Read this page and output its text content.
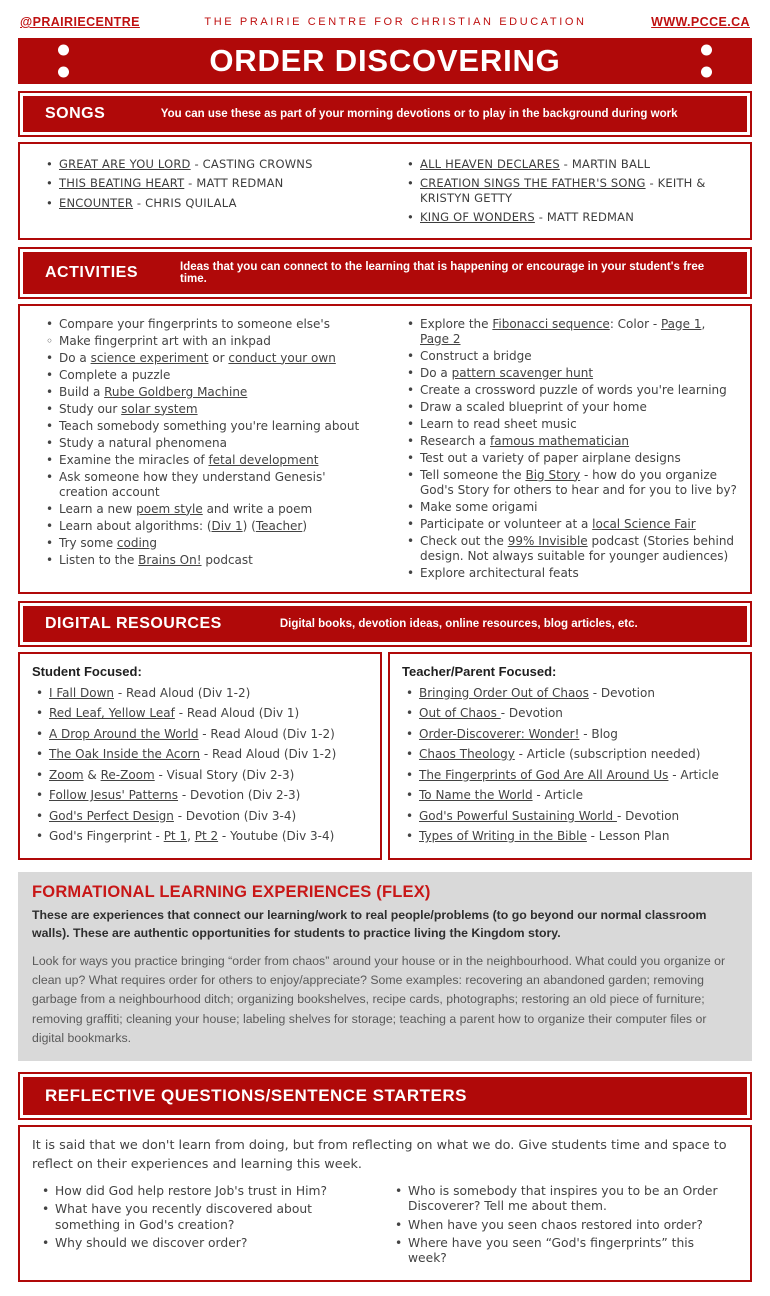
@PRAIRIECENTRE	THE PRAIRIE CENTRE FOR CHRISTIAN EDUCATION	WWW.PCCE.CA
ORDER DISCOVERING
SONGS	You can use these as part of your morning devotions or to play in the background during work
• GREAT ARE YOU LORD - CASTING CROWNS
• THIS BEATING HEART - MATT REDMAN
• ENCOUNTER - CHRIS QUILALA
• ALL HEAVEN DECLARES - MARTIN BALL
• CREATION SINGS THE FATHER'S SONG - KEITH & KRISTYN GETTY
• KING OF WONDERS - MATT REDMAN
ACTIVITIES	Ideas that you can connect to the learning that is happening or encourage in your student's free time.
• Compare your fingerprints to someone else's
◦ Make fingerprint art with an inkpad
• Do a science experiment or conduct your own
• Complete a puzzle
• Build a Rube Goldberg Machine
• Study our solar system
• Teach somebody something you're learning about
• Study a natural phenomena
• Examine the miracles of fetal development
• Ask someone how they understand Genesis' creation account
• Learn a new poem style and write a poem
• Learn about algorithms: (Div 1) (Teacher)
• Try some coding
• Listen to the Brains On! podcast
• Explore the Fibonacci sequence: Color - Page 1, Page 2
• Construct a bridge
• Do a pattern scavenger hunt
• Create a crossword puzzle of words you're learning
• Draw a scaled blueprint of your home
• Learn to read sheet music
• Research a famous mathematician
• Test out a variety of paper airplane designs
• Tell someone the Big Story - how do you organize God's Story for others to hear and for you to live by?
• Make some origami
• Participate or volunteer at a local Science Fair
• Check out the 99% Invisible podcast (Stories behind design. Not always suitable for younger audiences)
• Explore architectural feats
DIGITAL RESOURCES	Digital books, devotion ideas, online resources, blog articles, etc.
Student Focused:
• I Fall Down - Read Aloud (Div 1-2)
• Red Leaf, Yellow Leaf - Read Aloud (Div 1)
• A Drop Around the World - Read Aloud (Div 1-2)
• The Oak Inside the Acorn - Read Aloud (Div 1-2)
• Zoom & Re-Zoom - Visual Story (Div 2-3)
• Follow Jesus' Patterns - Devotion (Div 2-3)
• God's Perfect Design - Devotion (Div 3-4)
• God's Fingerprint - Pt 1, Pt 2 - Youtube (Div 3-4)
Teacher/Parent Focused:
• Bringing Order Out of Chaos - Devotion
• Out of Chaos - Devotion
• Order-Discoverer: Wonder! - Blog
• Chaos Theology - Article (subscription needed)
• The Fingerprints of God Are All Around Us - Article
• To Name the World - Article
• God's Powerful Sustaining World - Devotion
• Types of Writing in the Bible - Lesson Plan
FORMATIONAL LEARNING EXPERIENCES (FLEX)

These are experiences that connect our learning/work to real people/problems (to go beyond our normal classroom walls). These are authentic opportunities for students to practice living the Kingdom story.

Look for ways you practice bringing “order from chaos” around your house or in the neighbourhood. What could you organize or clean up? What requires order for others to enjoy/appreciate? Some examples: recovering an abandoned garden; removing garbage from a neighbourhood ditch; organizing bookshelves, recipe cards, photographs; restoring an old piece of furniture; removing graffiti; cleaning your house; labeling shelves for storage; teaching a parent how to organize their computer files or digital bookmarks.

REFLECTIVE QUESTIONS/SENTENCE STARTERS

It is said that we don't learn from doing, but from reflecting on what we do. Give students time and space to reflect on their experiences and learning this week.

• How did God help restore Job's trust in Him?
• What have you recently discovered about something in God's creation?
• Why should we discover order?
• Who is somebody that inspires you to be an Order Discoverer? Tell me about them.
• When have you seen chaos restored into order?
• Where have you seen “God's fingerprints” this week?
